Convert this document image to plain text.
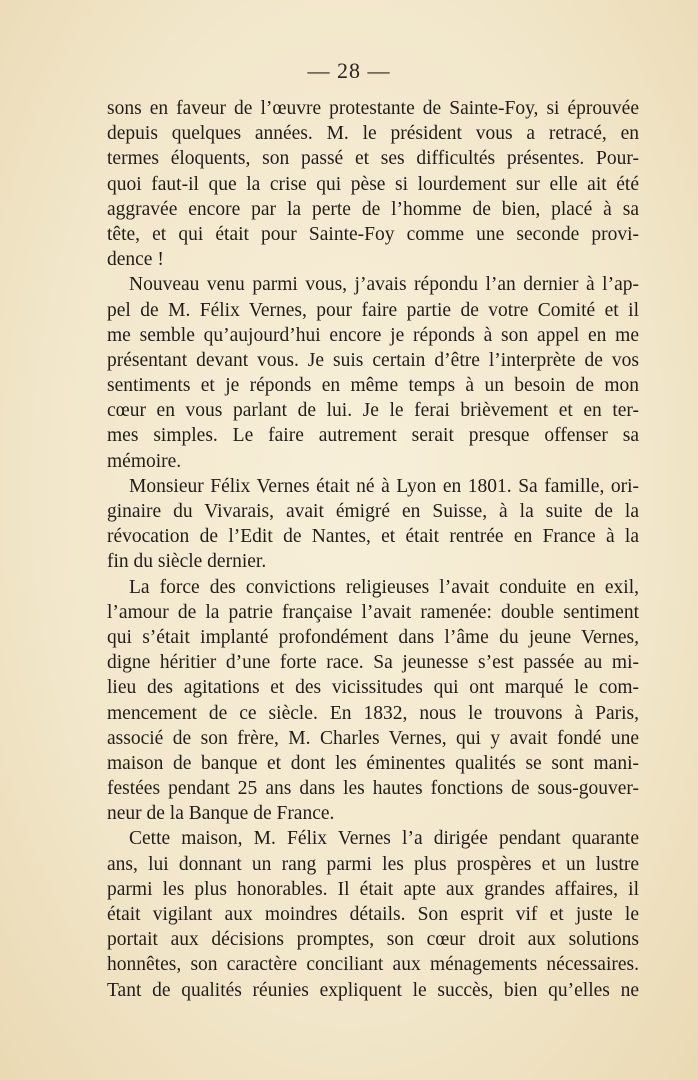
— 28 —
sons en faveur de l’œuvre protestante de Sainte-Foy, si éprouvée
depuis quelques années. M. le président vous a retracé, en
termes éloquents, son passé et ses difficultés présentes. Pour-
quoi faut-il que la crise qui pèse si lourdement sur elle ait été
aggravée encore par la perte de l’homme de bien, placé à sa
tête, et qui était pour Sainte-Foy comme une seconde provi-
dence !
Nouveau venu parmi vous, j’avais répondu l’an dernier à l’ap-
pel de M. Félix Vernes, pour faire partie de votre Comité et il
me semble qu’aujourd’hui encore je réponds à son appel en me
présentant devant vous. Je suis certain d’être l’interprète de vos
sentiments et je réponds en même temps à un besoin de mon
cœur en vous parlant de lui. Je le ferai brièvement et en ter-
mes simples. Le faire autrement serait presque offenser sa
mémoire.
Monsieur Félix Vernes était né à Lyon en 1801. Sa famille, ori-
ginaire du Vivarais, avait émigré en Suisse, à la suite de la
révocation de l’Edit de Nantes, et était rentrée en France à la
fin du siècle dernier.
La force des convictions religieuses l’avait conduite en exil,
l’amour de la patrie française l’avait ramenée: double sentiment
qui s’était implanté profondément dans l’âme du jeune Vernes,
digne héritier d’une forte race. Sa jeunesse s’est passée au mi-
lieu des agitations et des vicissitudes qui ont marqué le com-
mencement de ce siècle. En 1832, nous le trouvons à Paris,
associé de son frère, M. Charles Vernes, qui y avait fondé une
maison de banque et dont les éminentes qualités se sont mani-
festées pendant 25 ans dans les hautes fonctions de sous-gouver-
neur de la Banque de France.
Cette maison, M. Félix Vernes l’a dirigée pendant quarante
ans, lui donnant un rang parmi les plus prospères et un lustre
parmi les plus honorables. Il était apte aux grandes affaires, il
était vigilant aux moindres détails. Son esprit vif et juste le
portait aux décisions promptes, son cœur droit aux solutions
honnêtes, son caractère conciliant aux ménagements nécessaires.
Tant de qualités réunies expliquent le succès, bien qu’elles ne
